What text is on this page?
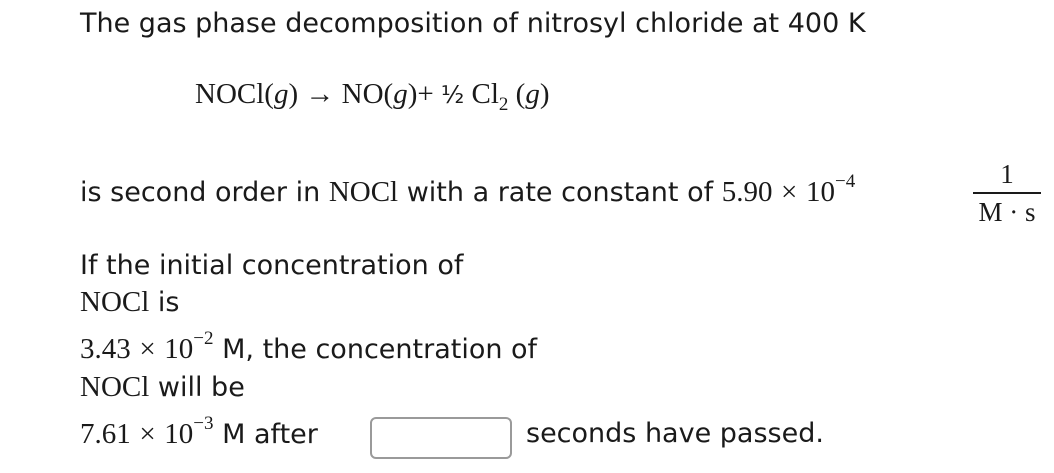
The gas phase decomposition of nitrosyl chloride at 400 K
NOCl(g) → NO(g)+ ½ $Cl_2$ (g)
is second order in NOCl with a rate constant of $5.90 \times 10^{-4}$	1
M · s
If the initial concentration of
NOCl is
$3.43 \times 10^{-2}$ M, the concentration of
NOCl will be
$7.61 \times 10^{-3}$ M after	seconds have passed.
